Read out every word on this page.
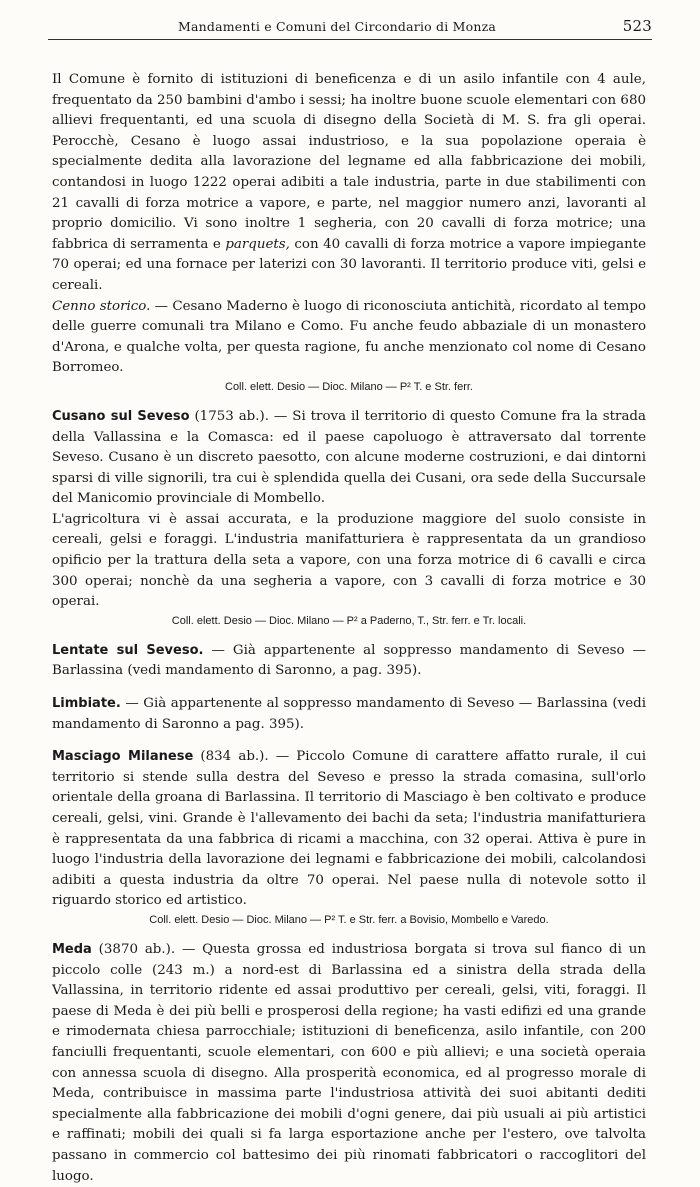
Mandamenti e Comuni del Circondario di Monza	523

Il Comune è fornito di istituzioni di beneficenza e di un asilo infantile con 4 aule, frequentato da 250 bambini d'ambo i sessi; ha inoltre buone scuole elementari con 680 allievi frequentanti, ed una scuola di disegno della Società di M. S. fra gli operai. Perocchè, Cesano è luogo assai industrioso, e la sua popolazione operaia è specialmente dedita alla lavorazione del legname ed alla fabbricazione dei mobili, contandosi in luogo 1222 operai adibiti a tale industria, parte in due stabilimenti con 21 cavalli di forza motrice a vapore, e parte, nel maggior numero anzi, lavoranti al proprio domicilio. Vi sono inoltre 1 segheria, con 20 cavalli di forza motrice; una fabbrica di serramenta e parquets, con 40 cavalli di forza motrice a vapore impiegante 70 operai; ed una fornace per laterizi con 30 lavoranti. Il territorio produce viti, gelsi e cereali.

Cenno storico. — Cesano Maderno è luogo di riconosciuta antichità, ricordato al tempo delle guerre comunali tra Milano e Como. Fu anche feudo abbaziale di un monastero d'Arona, e qualche volta, per questa ragione, fu anche menzionato col nome di Cesano Borromeo.

Coll. elett. Desio — Dioc. Milano — P² T. e Str. ferr.

Cusano sul Seveso (1753 ab.). — Si trova il territorio di questo Comune fra la strada della Vallassina e la Comasca: ed il paese capoluogo è attraversato dal torrente Seveso. Cusano è un discreto paesotto, con alcune moderne costruzioni, e dai dintorni sparsi di ville signorili, tra cui è splendida quella dei Cusani, ora sede della Succursale del Manicomio provinciale di Mombello.

L'agricoltura vi è assai accurata, e la produzione maggiore del suolo consiste in cereali, gelsi e foraggi. L'industria manifatturiera è rappresentata da un grandioso opificio per la trattura della seta a vapore, con una forza motrice di 6 cavalli e circa 300 operai; nonchè da una segheria a vapore, con 3 cavalli di forza motrice e 30 operai.

Coll. elett. Desio — Dioc. Milano — P² a Paderno, T., Str. ferr. e Tr. locali.

Lentate sul Seveso. — Già appartenente al soppresso mandamento di Seveso — Barlassina (vedi mandamento di Saronno, a pag. 395).

Limbiate. — Già appartenente al soppresso mandamento di Seveso — Barlassina (vedi mandamento di Saronno a pag. 395).

Masciago Milanese (834 ab.). — Piccolo Comune di carattere affatto rurale, il cui territorio si stende sulla destra del Seveso e presso la strada comasina, sull'orlo orientale della groana di Barlassina. Il territorio di Masciago è ben coltivato e produce cereali, gelsi, vini. Grande è l'allevamento dei bachi da seta; l'industria manifatturiera è rappresentata da una fabbrica di ricami a macchina, con 32 operai. Attiva è pure in luogo l'industria della lavorazione dei legnami e fabbricazione dei mobili, calcolandosi adibiti a questa industria da oltre 70 operai. Nel paese nulla di notevole sotto il riguardo storico ed artistico.

Coll. elett. Desio — Dioc. Milano — P² T. e Str. ferr. a Bovisio, Mombello e Varedo.

Meda (3870 ab.). — Questa grossa ed industriosa borgata si trova sul fianco di un piccolo colle (243 m.) a nord-est di Barlassina ed a sinistra della strada della Vallassina, in territorio ridente ed assai produttivo per cereali, gelsi, viti, foraggi. Il paese di Meda è dei più belli e prosperosi della regione; ha vasti edifizi ed una grande e rimodernata chiesa parrocchiale; istituzioni di beneficenza, asilo infantile, con 200 fanciulli frequentanti, scuole elementari, con 600 e più allievi; e una società operaia con annessa scuola di disegno. Alla prosperità economica, ed al progresso morale di Meda, contribuisce in massima parte l'industriosa attività dei suoi abitanti dediti specialmente alla fabbricazione dei mobili d'ogni genere, dai più usuali ai più artistici e raffinati; mobili dei quali si fa larga esportazione anche per l'estero, ove talvolta passano in commercio col battesimo dei più rinomati fabbricatori o raccoglitori del luogo.
